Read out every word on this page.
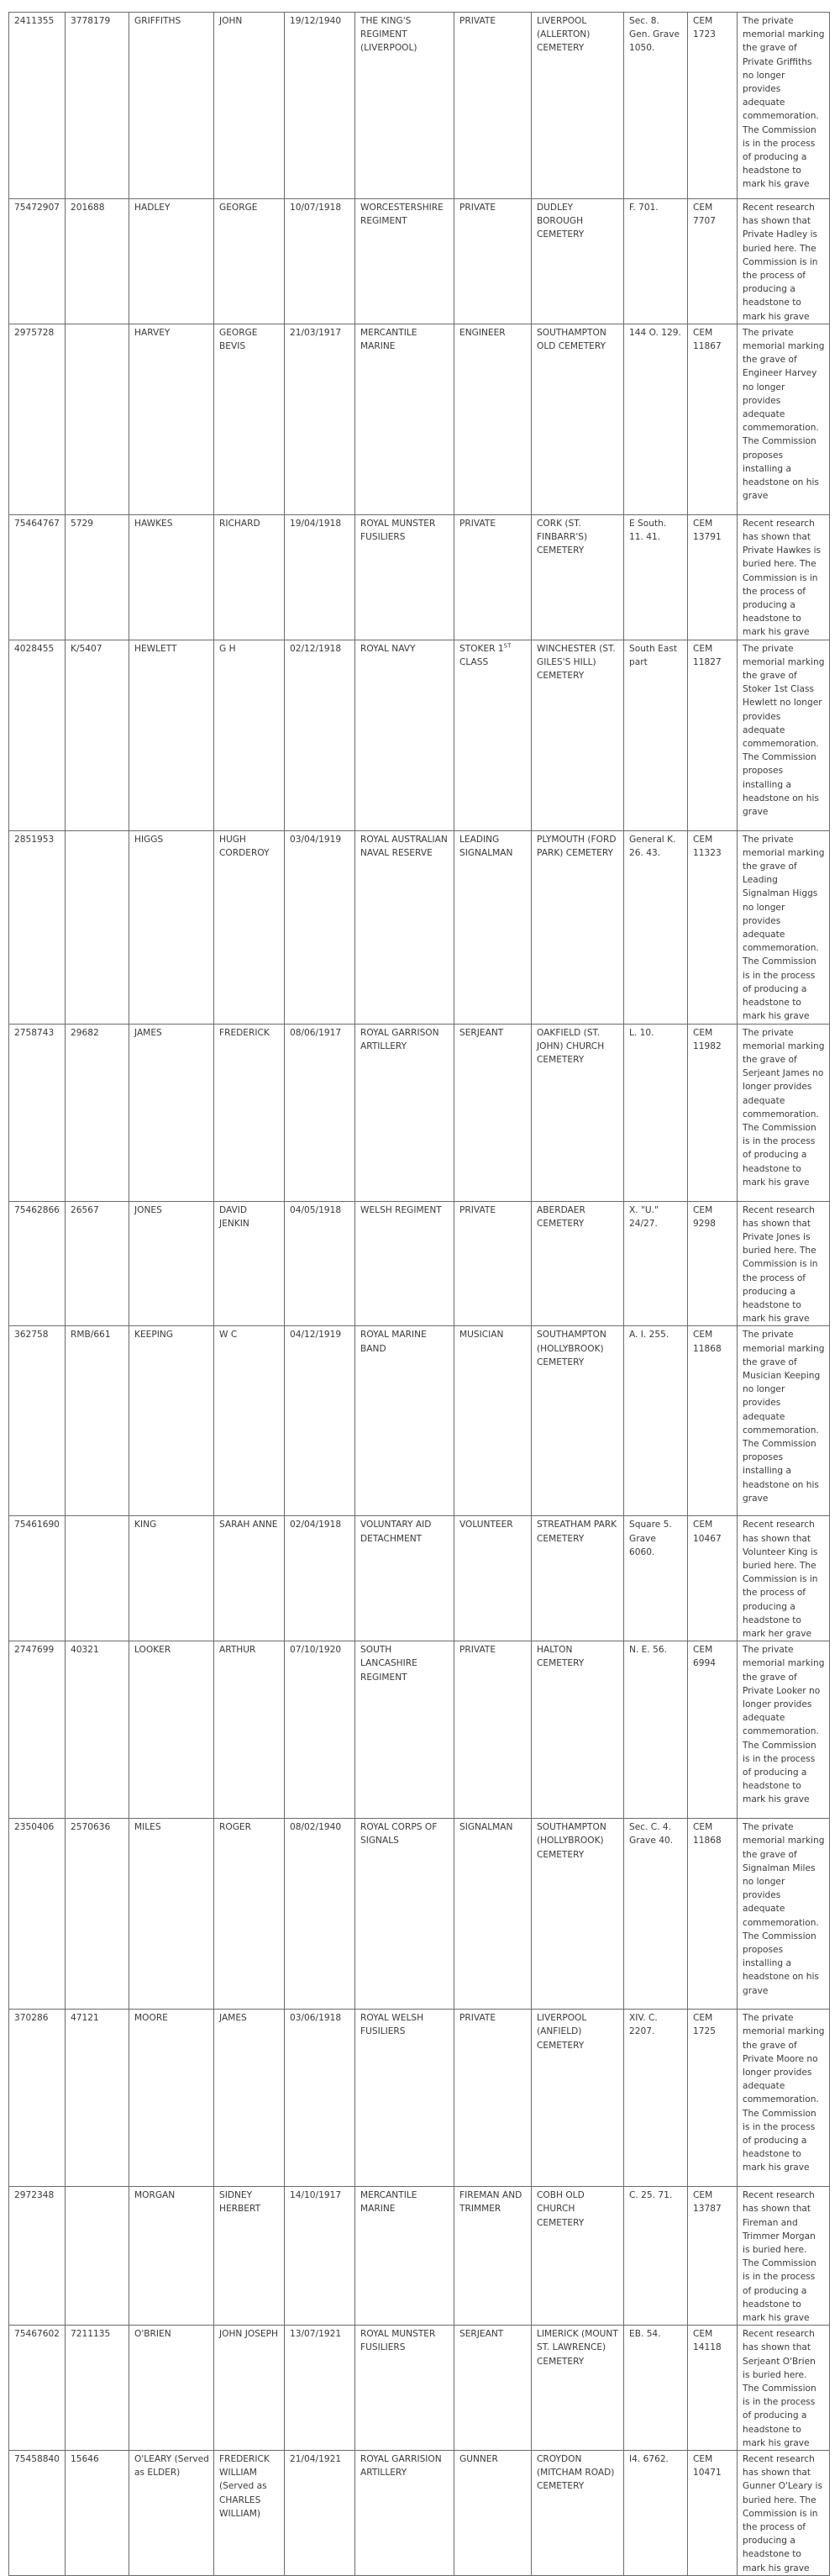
2411355	3778179	GRIFFITHS	JOHN	19/12/1940	THE KING'S REGIMENT (LIVERPOOL)	PRIVATE	LIVERPOOL (ALLERTON) CEMETERY	Sec. 8. Gen. Grave 1050.	CEM 1723	The private memorial marking the grave of Private Griffiths no longer provides adequate commemoration. The Commission is in the process of producing a headstone to mark his grave
75472907	201688	HADLEY	GEORGE	10/07/1918	WORCESTERSHIRE REGIMENT	PRIVATE	DUDLEY BOROUGH CEMETERY	F. 701.	CEM 7707	Recent research has shown that Private Hadley is buried here. The Commission is in the process of producing a headstone to mark his grave
2975728		HARVEY	GEORGE BEVIS	21/03/1917	MERCANTILE MARINE	ENGINEER	SOUTHAMPTON OLD CEMETERY	144 O. 129.	CEM 11867	The private memorial marking the grave of Engineer Harvey no longer provides adequate commemoration. The Commission proposes installing a headstone on his grave
75464767	5729	HAWKES	RICHARD	19/04/1918	ROYAL MUNSTER FUSILIERS	PRIVATE	CORK (ST. FINBARR'S) CEMETERY	E South. 11. 41.	CEM 13791	Recent research has shown that Private Hawkes is buried here. The Commission is in the process of producing a headstone to mark his grave
4028455	K/5407	HEWLETT	G H	02/12/1918	ROYAL NAVY	STOKER 1ST CLASS	WINCHESTER (ST. GILES'S HILL) CEMETERY	South East part	CEM 11827	The private memorial marking the grave of Stoker 1st Class Hewlett no longer provides adequate commemoration. The Commission proposes installing a headstone on his grave
2851953		HIGGS	HUGH CORDEROY	03/04/1919	ROYAL AUSTRALIAN NAVAL RESERVE	LEADING SIGNALMAN	PLYMOUTH (FORD PARK) CEMETERY	General K. 26. 43.	CEM 11323	The private memorial marking the grave of Leading Signalman Higgs no longer provides adequate commemoration. The Commission is in the process of producing a headstone to mark his grave
2758743	29682	JAMES	FREDERICK	08/06/1917	ROYAL GARRISON ARTILLERY	SERJEANT	OAKFIELD (ST. JOHN) CHURCH CEMETERY	L. 10.	CEM 11982	The private memorial marking the grave of Serjeant James no longer provides adequate commemoration. The Commission is in the process of producing a headstone to mark his grave
75462866	26567	JONES	DAVID JENKIN	04/05/1918	WELSH REGIMENT	PRIVATE	ABERDAER CEMETERY	X. "U." 24/27.	CEM 9298	Recent research has shown that Private Jones is buried here. The Commission is in the process of producing a headstone to mark his grave
362758	RMB/661	KEEPING	W C	04/12/1919	ROYAL MARINE BAND	MUSICIAN	SOUTHAMPTON (HOLLYBROOK) CEMETERY	A. I. 255.	CEM 11868	The private memorial marking the grave of Musician Keeping no longer provides adequate commemoration. The Commission proposes installing a headstone on his grave
75461690		KING	SARAH ANNE	02/04/1918	VOLUNTARY AID DETACHMENT	VOLUNTEER	STREATHAM PARK CEMETERY	Square 5. Grave 6060.	CEM 10467	Recent research has shown that Volunteer King is buried here. The Commission is in the process of producing a headstone to mark her grave
2747699	40321	LOOKER	ARTHUR	07/10/1920	SOUTH LANCASHIRE REGIMENT	PRIVATE	HALTON CEMETERY	N. E. 56.	CEM 6994	The private memorial marking the grave of Private Looker no longer provides adequate commemoration. The Commission is in the process of producing a headstone to mark his grave
2350406	2570636	MILES	ROGER	08/02/1940	ROYAL CORPS OF SIGNALS	SIGNALMAN	SOUTHAMPTON (HOLLYBROOK) CEMETERY	Sec. C. 4. Grave 40.	CEM 11868	The private memorial marking the grave of Signalman Miles no longer provides adequate commemoration. The Commission proposes installing a headstone on his grave
370286	47121	MOORE	JAMES	03/06/1918	ROYAL WELSH FUSILIERS	PRIVATE	LIVERPOOL (ANFIELD) CEMETERY	XIV. C. 2207.	CEM 1725	The private memorial marking the grave of Private Moore no longer provides adequate commemoration. The Commission is in the process of producing a headstone to mark his grave
2972348		MORGAN	SIDNEY HERBERT	14/10/1917	MERCANTILE MARINE	FIREMAN AND TRIMMER	COBH OLD CHURCH CEMETERY	C. 25. 71.	CEM 13787	Recent research has shown that Fireman and Trimmer Morgan is buried here. The Commission is in the process of producing a headstone to mark his grave
75467602	7211135	O'BRIEN	JOHN JOSEPH	13/07/1921	ROYAL MUNSTER FUSILIERS	SERJEANT	LIMERICK (MOUNT ST. LAWRENCE) CEMETERY	EB. 54.	CEM 14118	Recent research has shown that Serjeant O'Brien is buried here. The Commission is in the process of producing a headstone to mark his grave
75458840	15646	O'LEARY (Served as ELDER)	FREDERICK WILLIAM (Served as CHARLES WILLIAM)	21/04/1921	ROYAL GARRISION ARTILLERY	GUNNER	CROYDON (MITCHAM ROAD) CEMETERY	I4. 6762.	CEM 10471	Recent research has shown that Gunner O'Leary is buried here. The Commission is in the process of producing a headstone to mark his grave
